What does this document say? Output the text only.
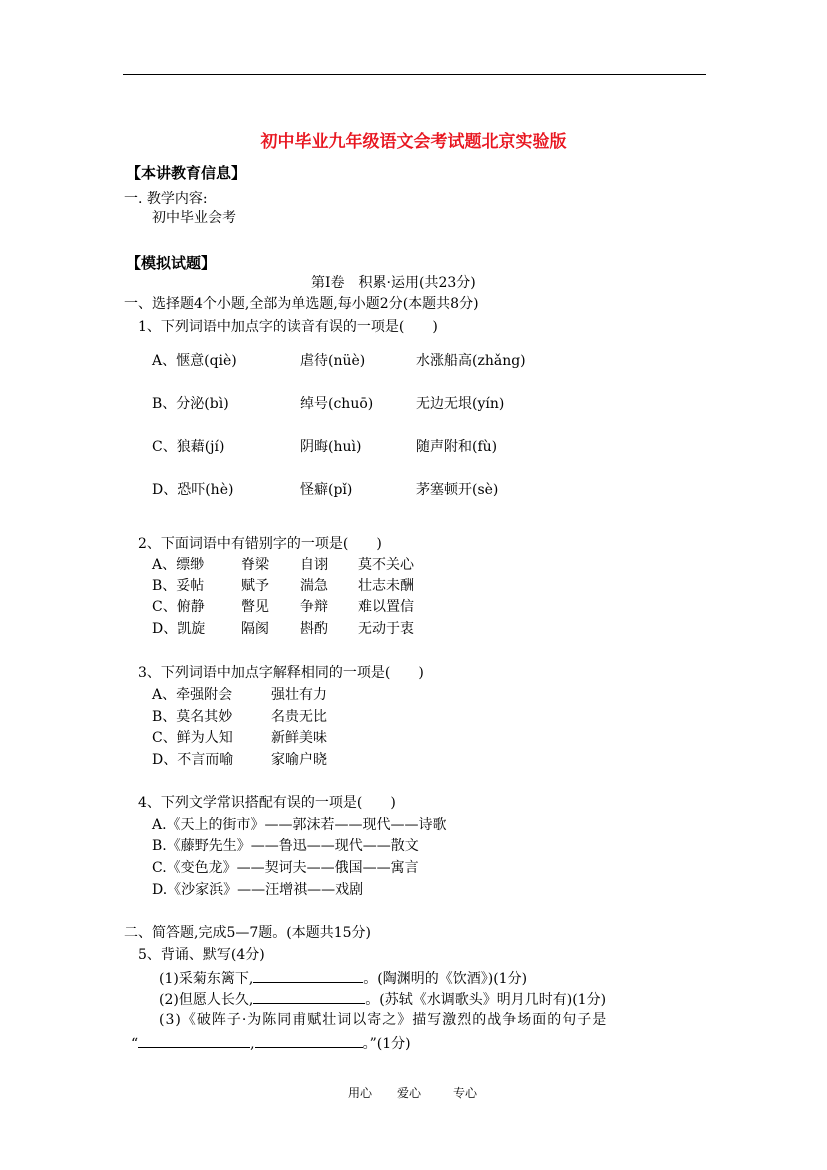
初中毕业九年级语文会考试题北京实验版
【本讲教育信息】
一. 教学内容:
初中毕业会考
【模拟试题】
第Ⅰ卷　积累·运用(共23分)
一、选择题4个小题,全部为单选题,每小题2分(本题共8分)
1、下列词语中加点字的读音有误的一项是(　　)
A、惬意(qiè)	虐待(nüè)	水涨船高(zhǎng)
B、分泌(bì)	绰号(chuō)	无边无垠(yín)
C、狼藉(jí)	阴晦(huì)	随声附和(fù)
D、恐吓(hè)	怪癖(pǐ)	茅塞顿开(sè)
2、下面词语中有错别字的一项是(　　)
A、缥缈	脊梁 自诩 莫不关心
B、妥帖	赋予 湍急 壮志未酬
C、俯静	瞥见 争辩 难以置信
D、凯旋	隔阂 斟酌 无动于衷
3、下列词语中加点字解释相同的一项是(　　)
A、牵强附会	强壮有力
B、莫名其妙	名贵无比
C、鲜为人知	新鲜美味
D、不言而喻	家喻户晓
4、下列文学常识搭配有误的一项是(　　)
A.《天上的街市》——郭沫若——现代——诗歌
B.《藤野先生》——鲁迅——现代——散文
C.《变色龙》——契诃夫——俄国——寓言
D.《沙家浜》——汪增祺——戏剧
二、简答题,完成5—7题。(本题共15分)
5、背诵、默写(4分)
(1)采菊东篱下,	。(陶渊明的《饮酒》)(1分)
(2)但愿人长久,	。(苏轼《水调歌头》明月几时有)(1分)
(3)《破阵子·为陈同甫赋壮词以寄之》描写激烈的战争场面的句子是
“	,	。”(1分)
用心 爱心	专心
